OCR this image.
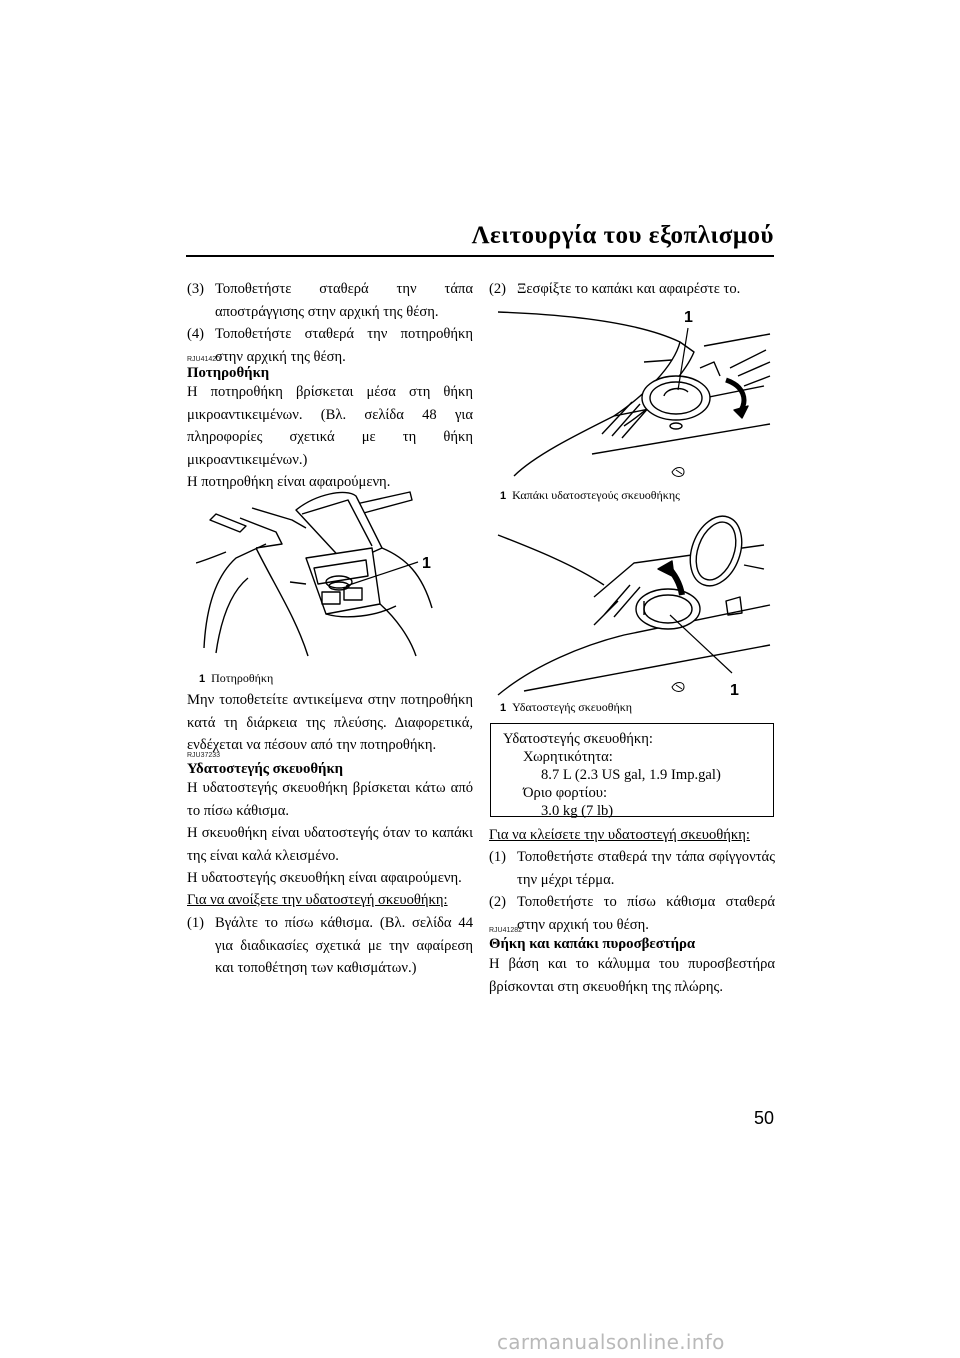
Λειτουργία του εξοπλισμού
(3) Τοποθετήστε σταθερά την τάπα αποστράγγισης στην αρχική της θέση.
(4) Τοποθετήστε σταθερά την ποτηροθήκη στην αρχική της θέση.
RJU41420
Ποτηροθήκη
Η ποτηροθήκη βρίσκεται μέσα στη θήκη μικροαντικειμένων. (Βλ. σελίδα 48 για πληροφορίες σχετικά με τη θήκη μικροαντικειμένων.)
Η ποτηροθήκη είναι αφαιρούμενη.
1
1 Ποτηροθήκη
Μην τοποθετείτε αντικείμενα στην ποτηροθήκη κατά τη διάρκεια της πλεύσης. Διαφορετικά, ενδέχεται να πέσουν από την ποτηροθήκη.
RJU37233
Υδατοστεγής σκευοθήκη
Η υδατοστεγής σκευοθήκη βρίσκεται κάτω από το πίσω κάθισμα.
Η σκευοθήκη είναι υδατοστεγής όταν το καπάκι της είναι καλά κλεισμένο.
Η υδατοστεγής σκευοθήκη είναι αφαιρούμενη.
Για να ανοίξετε την υδατοστεγή σκευοθήκη:
(1) Βγάλτε το πίσω κάθισμα. (Βλ. σελίδα 44 για διαδικασίες σχετικά με την αφαίρεση και τοποθέτηση των καθισμάτων.)
(2) Ξεσφίξτε το καπάκι και αφαιρέστε το.
1
1 Καπάκι υδατοστεγούς σκευοθήκης
1
1 Υδατοστεγής σκευοθήκη
Υδατοστεγής σκευοθήκη:
Χωρητικότητα:
8.7 L (2.3 US gal, 1.9 Imp.gal)
Όριο φορτίου:
3.0 kg (7 lb)
Για να κλείσετε την υδατοστεγή σκευοθήκη:
(1) Τοποθετήστε σταθερά την τάπα σφίγγοντάς την μέχρι τέρμα.
(2) Τοποθετήστε το πίσω κάθισμα σταθερά στην αρχική του θέση.
RJU41282
Θήκη και καπάκι πυροσβεστήρα
Η βάση και το κάλυμμα του πυροσβεστήρα βρίσκονται στη σκευοθήκη της πλώρης.
50
carmanualsonline.info
